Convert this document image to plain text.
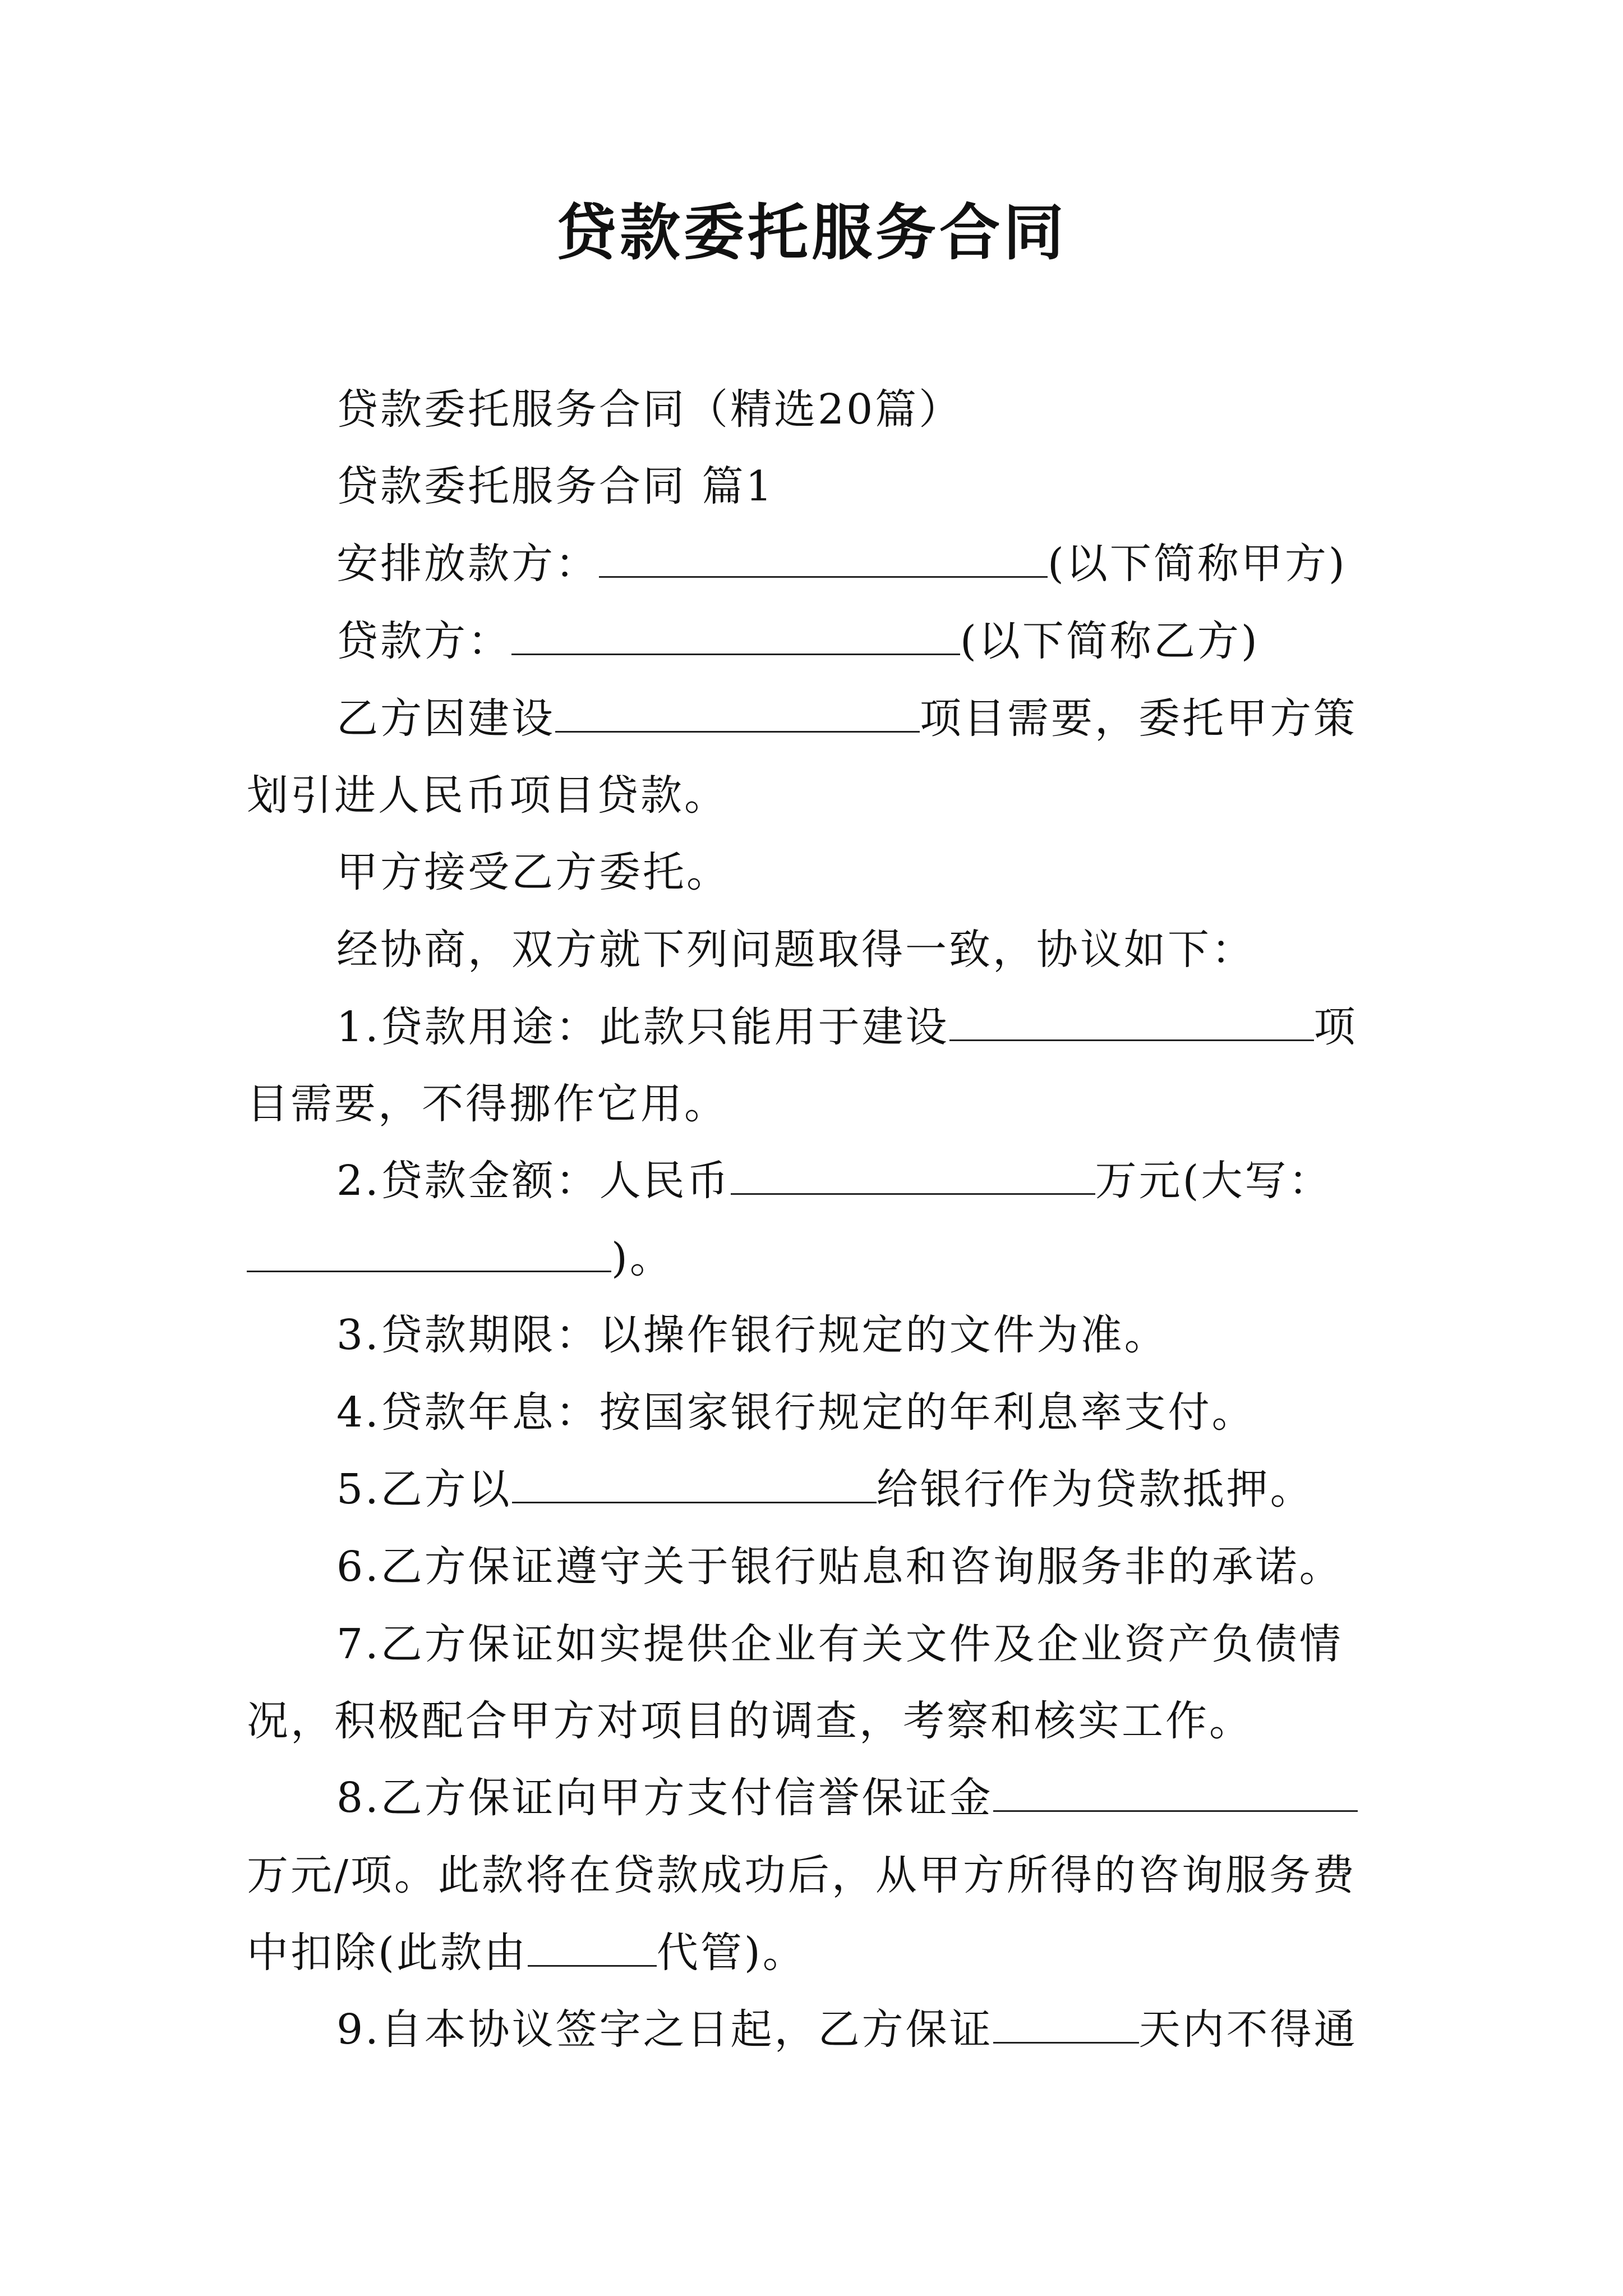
贷款委托服务合同
贷款委托服务合同（精选20篇）
贷款委托服务合同 篇1
安排放款方：	(以下简称甲方)
贷款方：	(以下简称乙方)
乙方因建设	项目需要，委托甲方策
划引进人民币项目贷款。
甲方接受乙方委托。
经协商，双方就下列问题取得一致，协议如下：
1.贷款用途：此款只能用于建设	项
目需要，不得挪作它用。
2.贷款金额：人民币	万元(大写：
)。
3.贷款期限：以操作银行规定的文件为准。
4.贷款年息：按国家银行规定的年利息率支付。
5.乙方以	给银行作为贷款抵押。
6.乙方保证遵守关于银行贴息和咨询服务非的承诺。
7.乙方保证如实提供企业有关文件及企业资产负债情
况，积极配合甲方对项目的调查，考察和核实工作。
8.乙方保证向甲方支付信誉保证金
万元/项。此款将在贷款成功后，从甲方所得的咨询服务费
中扣除(此款由	代管)。
9.自本协议签字之日起，乙方保证	天内不得通
